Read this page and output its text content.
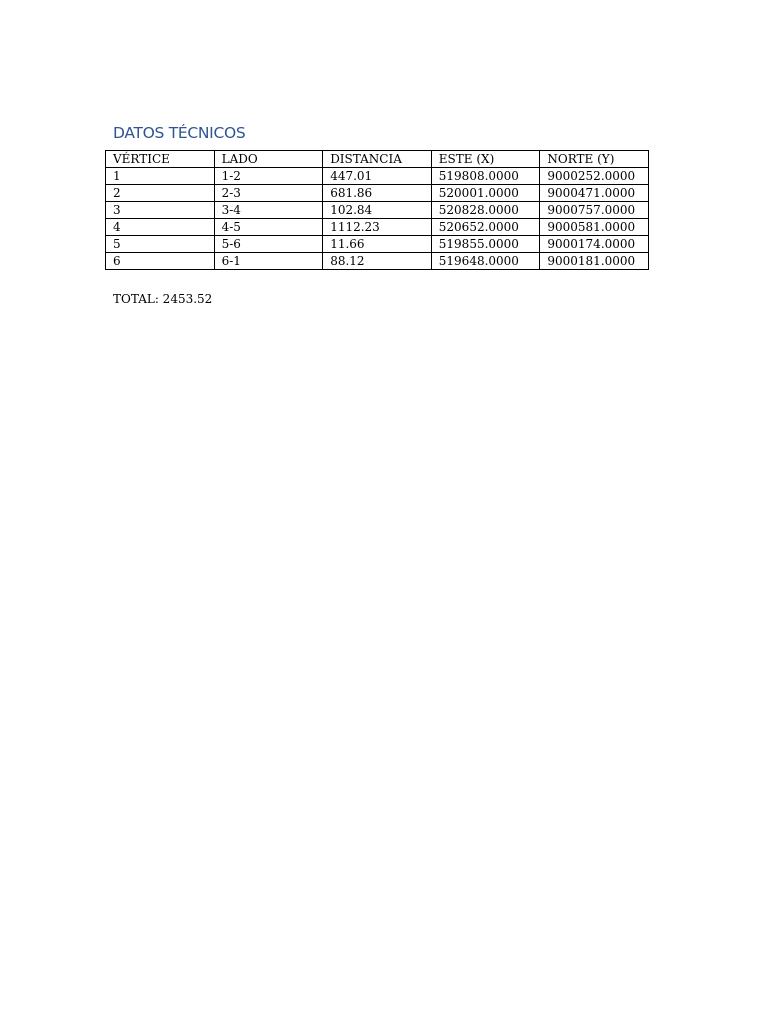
DATOS TÉCNICOS
VÉRTICE	LADO	DISTANCIA	ESTE (X)	NORTE (Y)
1	1-2	447.01	519808.0000	9000252.0000
2	2-3	681.86	520001.0000	9000471.0000
3	3-4	102.84	520828.0000	9000757.0000
4	4-5	1112.23	520652.0000	9000581.0000
5	5-6	11.66	519855.0000	9000174.0000
6	6-1	88.12	519648.0000	9000181.0000

TOTAL: 2453.52
